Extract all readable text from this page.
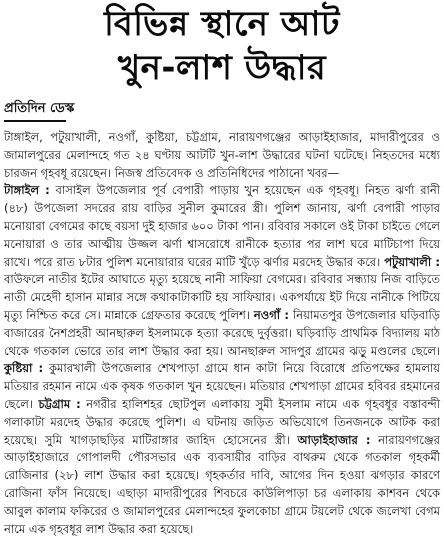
বিভিন্ন স্থানে আট
খুন-লাশ উদ্ধার
প্রতিদিন ডেস্ক

টাঙ্গাইল, পটুয়াখালী, নওগাঁ, কুষ্টিয়া, চট্টগ্রাম, নারায়ণগঞ্জের আড়াইহাজার, মাদারীপুরের ও জামালপুরের মেলান্দহে গত ২৪ ঘণ্টায় আটটি খুন-লাশ উদ্ধারের ঘটনা ঘটেছে। নিহতদের মধ্যে চারজন গৃহবধূ রয়েছেন। নিজস্ব প্রতিবেদক ও প্রতিনিধিদের পাঠানো খবর—

টাঙ্গাইল : বাসাইল উপজেলার পূর্ব বেপারী পাড়ায় খুন হয়েছেন এক গৃহবধূ। নিহত ঝর্ণা রানী (৪৮) উপজেলা সদরের রায় বাড়ির সুনীল কুমারের স্ত্রী। পুলিশ জানায়, ঝর্ণা বেপারী পাড়ার মনোয়ারা বেগমের কাছে বয়সা দুই হাজার ৬০০ টাকা পান। রবিবার সকালে ওই টাকা চাইতে গেলে মনোয়ারা ও তার আত্মীয় উজ্জল ঝর্ণা শ্বাসরোধে রানীকে হত্যার পর লাশ ঘরে মাটিচাপা দিয়ে রাখে। পরে রাত ৮টার পুলিশ মনোয়ারার ঘরের মাটি খুঁড়ে ঝর্ণার মরদেহ উদ্ধার করে। পটুয়াখালী : বাউফলে নাতীর ইটের আঘাতে মৃত্যু হয়েছে নানী সাফিয়া বেগমের। রবিবার সন্ধ্যায় নিজ বাড়িতে নাতী মেহেদী হাসান মান্নার সঙ্গে কথাকাটাকাটি হয় সাফিয়ার। একপর্যায়ে ইট দিয়ে নানীকে পিটিয়ে মৃত্যু নিশ্চিত করে সে। মান্নাকে গ্রেফতার করেছে পুলিশ। নওগাঁ : নিয়ামতপুর উপজেলার ঘড়িবাড়ি বাজারের নৈশপ্রহরী আনছারুল ইসলামকে হত্যা করেছে দুর্বৃত্তরা। ঘড়িবাড়ি প্রাথমিক বিদ্যালয় মাঠ থেকে গতকাল ভোরে তার লাশ উদ্ধার করা হয়। আনছারুল সাদপুর গ্রামের ঝড়ু মণ্ডলের ছেলে। কুষ্টিয়া : কুমারখালী উপজেলার শেখপাড়া গ্রামে ধান কাটা নিয়ে বিরোধে প্রতিপক্ষের হামলায় মতিয়ার রহমান নামে এক কৃষক গতকাল খুন হয়েছেন। মতিয়ার শেখপাড়া গ্রামের হবিবর রহমানের ছেলে। চট্টগ্রাম : নগরীর হালিশহর ছোটপুল এলাকায় সুমী ইসলাম নামে এক গৃহবধূর বস্তাবন্দী গলাকাটা মরদেহ উদ্ধার করেছে পুলিশ। এ ঘটনায় জড়িত অভিযোগে তিনজনকে আটক করা হয়েছে। সুমি খাগড়াছড়ির মাটিরাঙ্গার জাহিদ হোসেনের স্ত্রী। আড়াইহাজার : নারায়ণগঞ্জের আড়াইহাজারে গোপালদী পৌরসভার এক ব্যবসায়ীর বাড়ির বাথরুম থেকে গতকাল গৃহকর্মী রোজিনার (২৮) লাশ উদ্ধার করা হয়েছে। গৃহকর্তার দাবি, আগের দিন হওয়া ঝগড়ার কারণে রোজিনা ফাঁস নিয়েছে। এছাড়া মাদারীপুরের শিবচরে কাউলিপাড়া চর এলাকায় কাশবন থেকে আবুল কালাম ফকিরের ও জামালপুরের মেলান্দহের ফুলকোচা গ্রামে টয়লেট থেকে জলেখা বেগম নামে এক গৃহবধূর লাশ উদ্ধার করা হয়েছে।
